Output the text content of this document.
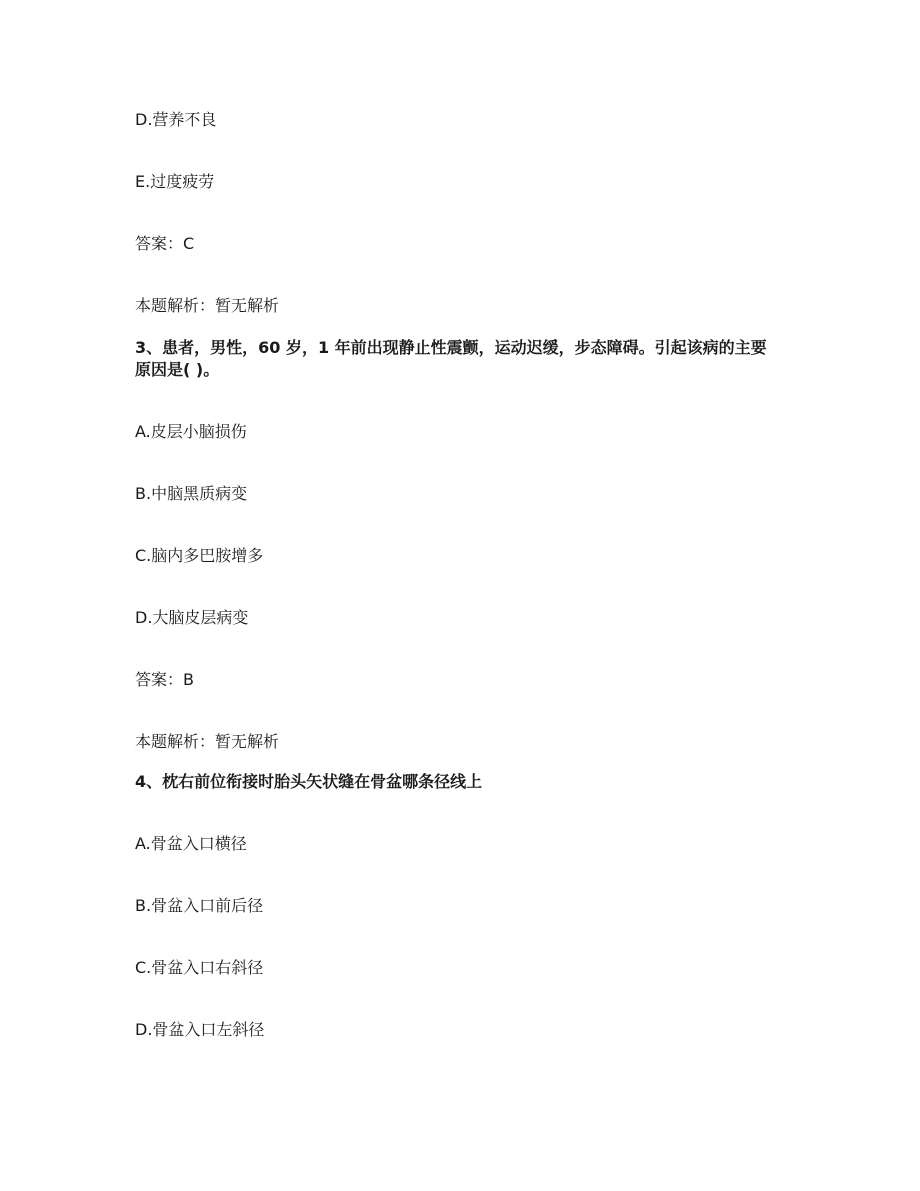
D.营养不良

E.过度疲劳

答案：C

本题解析：暂无解析

3、患者，男性，60 岁，1 年前出现静止性震颤，运动迟缓，步态障碍。引起该病的主要

原因是( )。

A.皮层小脑损伤

B.中脑黑质病变

C.脑内多巴胺增多

D.大脑皮层病变

答案：B

本题解析：暂无解析

4、枕右前位衔接时胎头矢状缝在骨盆哪条径线上

A.骨盆入口横径

B.骨盆入口前后径

C.骨盆入口右斜径

D.骨盆入口左斜径
